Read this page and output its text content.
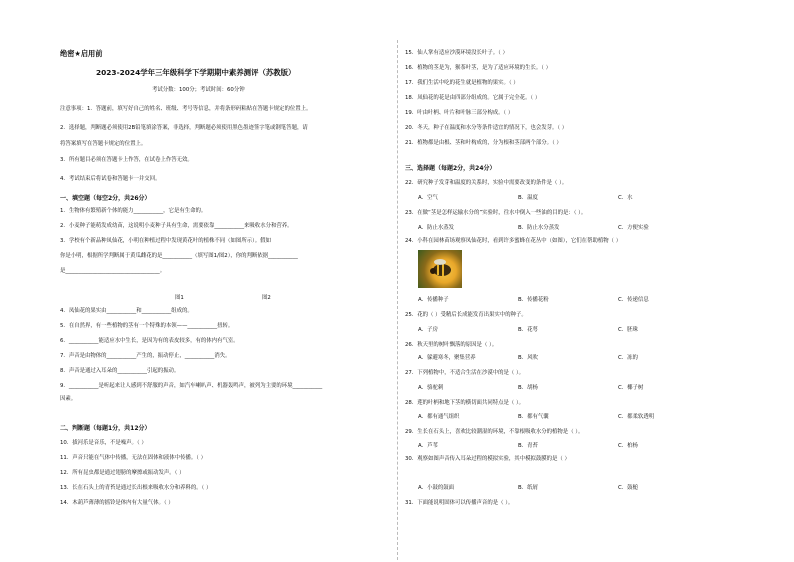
绝密★启用前
2023-2024学年三年级科学下学期期中素养测评（苏教版）
考试分数：100分；考试时间：60分钟
注意事项：1．答题前，填写好自己的姓名、班级、考号等信息，并将条形码粘贴在答题卡规定的位置上。
2．选择题，判断题必须使用2B铅笔填涂答案，非选择，判断题必须使用黑色墨迹签字笔或钢笔答题，请
将答案填写在答题卡规定的位置上。
3．所有题目必须在答题卡上作答，在试卷上作答无效。
4．考试结束后将试卷和答题卡一并交回。
一、填空题（每空2分，共26分）
1．生物体有繁殖新个体的能力___________，它是有生命的。
2．小麦种子能萌发成幼苗，这说明小麦种子具有生命，需要依靠___________来吸收水分和营养。
3．学校有个新品种凤仙花，小明在种植过程中发现黄花叶的植株不同（如图所示）。假如
你是小明，根据所学判断属于黄瓜雌花的是___________（填写图1/图2），你的判断依据___________
是___________________________________。
图1	图2
4．凤仙花的果实由___________和___________组成的。
5．在自然界，有一些植物的茎有一个特殊的本领——___________扭转。
6．___________能适应水中生长，是因为有的表皮较多，有的体内有气室。
7．声音是由物体的___________产生的，振动停止，___________消失。
8．声音是通过入耳朵的___________引起的振动。
9．___________是听起来让人感到不舒服的声音，如汽车喇叭声、机器轰鸣声，被列为主要的环境___________
因素。
二、判断题（每题1分，共12分）
10．拔河乐是音乐，不是噪声。（ ）
11．声音只能在气体中传播，无法在固体和液体中传播。（ ）
12．所有昆虫都是通过翅膀的摩擦或振动发声。（ ）
13．长在石头上的青苔是通过长出根来吸收水分和养料的。（ ）
14．木葫芦薄薄的摇铃是体内有大量气体。（ ）
15．仙人掌有适应沙漠环境没长叶子。（ ）
16．植物的茎是为，猴茶叶茎，是为了适应环境的生长。（ ）
17．我们生活中吃的花生就是植物的果实。（ ）
18．凤仙花的花是由四部分组成的。它属于完全花。（ ）
19．叶由叶柄、叶片和叶脉三部分构成。（ ）
20．冬天，种子在温度和水分等条件适宜的情况下，也会发芽。（ ）
21．植物都是由根、茎和叶构成的，分为根和茎部两个部分。（ ）
三、选择题（每题2分，共24分）
22．研究种子发芽和温度的关系时，实验中需要改变的条件是（ ）。
A．空气	B．温度	C．水
23．在做“茎是怎样运输水分的”实验时，往水中倒入一些油的目的是：（ ）。
A．防止水蒸发	B．防止水分蒸发	C．方便实验
24．小科在园林苗场观察凤仙花时，看到许多蜜蜂在花丛中（如图），它们在帮助植物（ ）
A．传播种子	B．传播花粉	C．传递信息
25．花的（ ）受精后长成能发育出果实中的种子。
A．子房	B．花萼	C．胚珠
26．秋天里的树叶飘落的原因是（ ）。
A．躲避寒冬，聚集营养	B．风吹	C．冻的
27．下列植物中，不适合生活在沙漠中的是（ ）。
A．骆驼刺	B．胡杨	C．椰子树
28．莲的叶柄和地下茎的横切面共同特点是（ ）。
A．都有通气组织	B．都有气囊	C．都柔软透明
29．生长在石头上，喜欢比较潮湿的环境，不靠根吸收水分的植物是（ ）。
A．芦苇	B．青苔	C．柏杨
30．观察如图声音传入耳朵过程的模拟实验，其中模拟鼓膜的是（ ）
A．小鼓的鼓面	B．纸屑	C．鼓槌
31．下面能说明固体可以传播声音的是（ ）。
